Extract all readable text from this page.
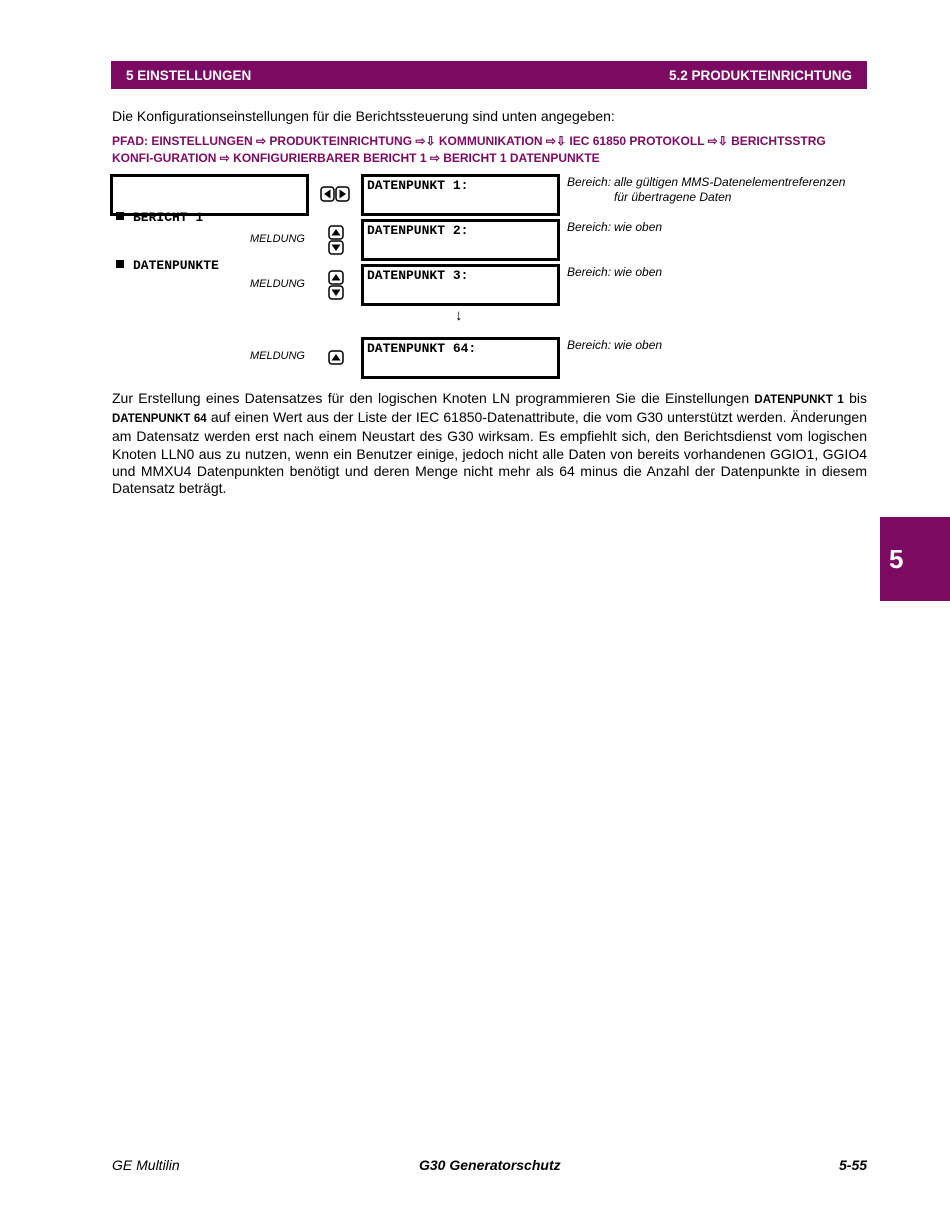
5 EINSTELLUNGEN	5.2 PRODUKTEINRICHTUNG
Die Konfigurationseinstellungen für die Berichtssteuerung sind unten angegeben:
PFAD: EINSTELLUNGEN ⇨ PRODUKTEINRICHTUNG ⇨⇩ KOMMUNIKATION ⇨⇩ IEC 61850 PROTOKOLL ⇨⇩ BERICHTSSTRG KONFI-GURATION ⇨ KONFIGURIERBARER BERICHT 1 ⇨ BERICHT 1 DATENPUNKTE

BERICHT 1

DATENPUNKTE

DATENPUNKT 1:	Bereich: alle gültigen MMS-Datenelementreferenzen
für übertragene Daten
MELDUNG
DATENPUNKT 2:	Bereich: wie oben
MELDUNG
DATENPUNKT 3:	Bereich: wie oben
↓
MELDUNG	DATENPUNKT 64:	Bereich: wie oben
Zur Erstellung eines Datensatzes für den logischen Knoten LN programmieren Sie die Einstellungen DATENPUNKT 1 bis DATENPUNKT 64 auf einen Wert aus der Liste der IEC 61850-Datenattribute, die vom G30 unterstützt werden. Änderungen am Datensatz werden erst nach einem Neustart des G30 wirksam. Es empfiehlt sich, den Berichtsdienst vom logischen Knoten LLN0 aus zu nutzen, wenn ein Benutzer einige, jedoch nicht alle Daten von bereits vorhandenen GGIO1, GGIO4 und MMXU4 Datenpunkten benötigt und deren Menge nicht mehr als 64 minus die Anzahl der Datenpunkte in diesem Datensatz beträgt.
5
GE Multilin	G30 Generatorschutz	5-55
